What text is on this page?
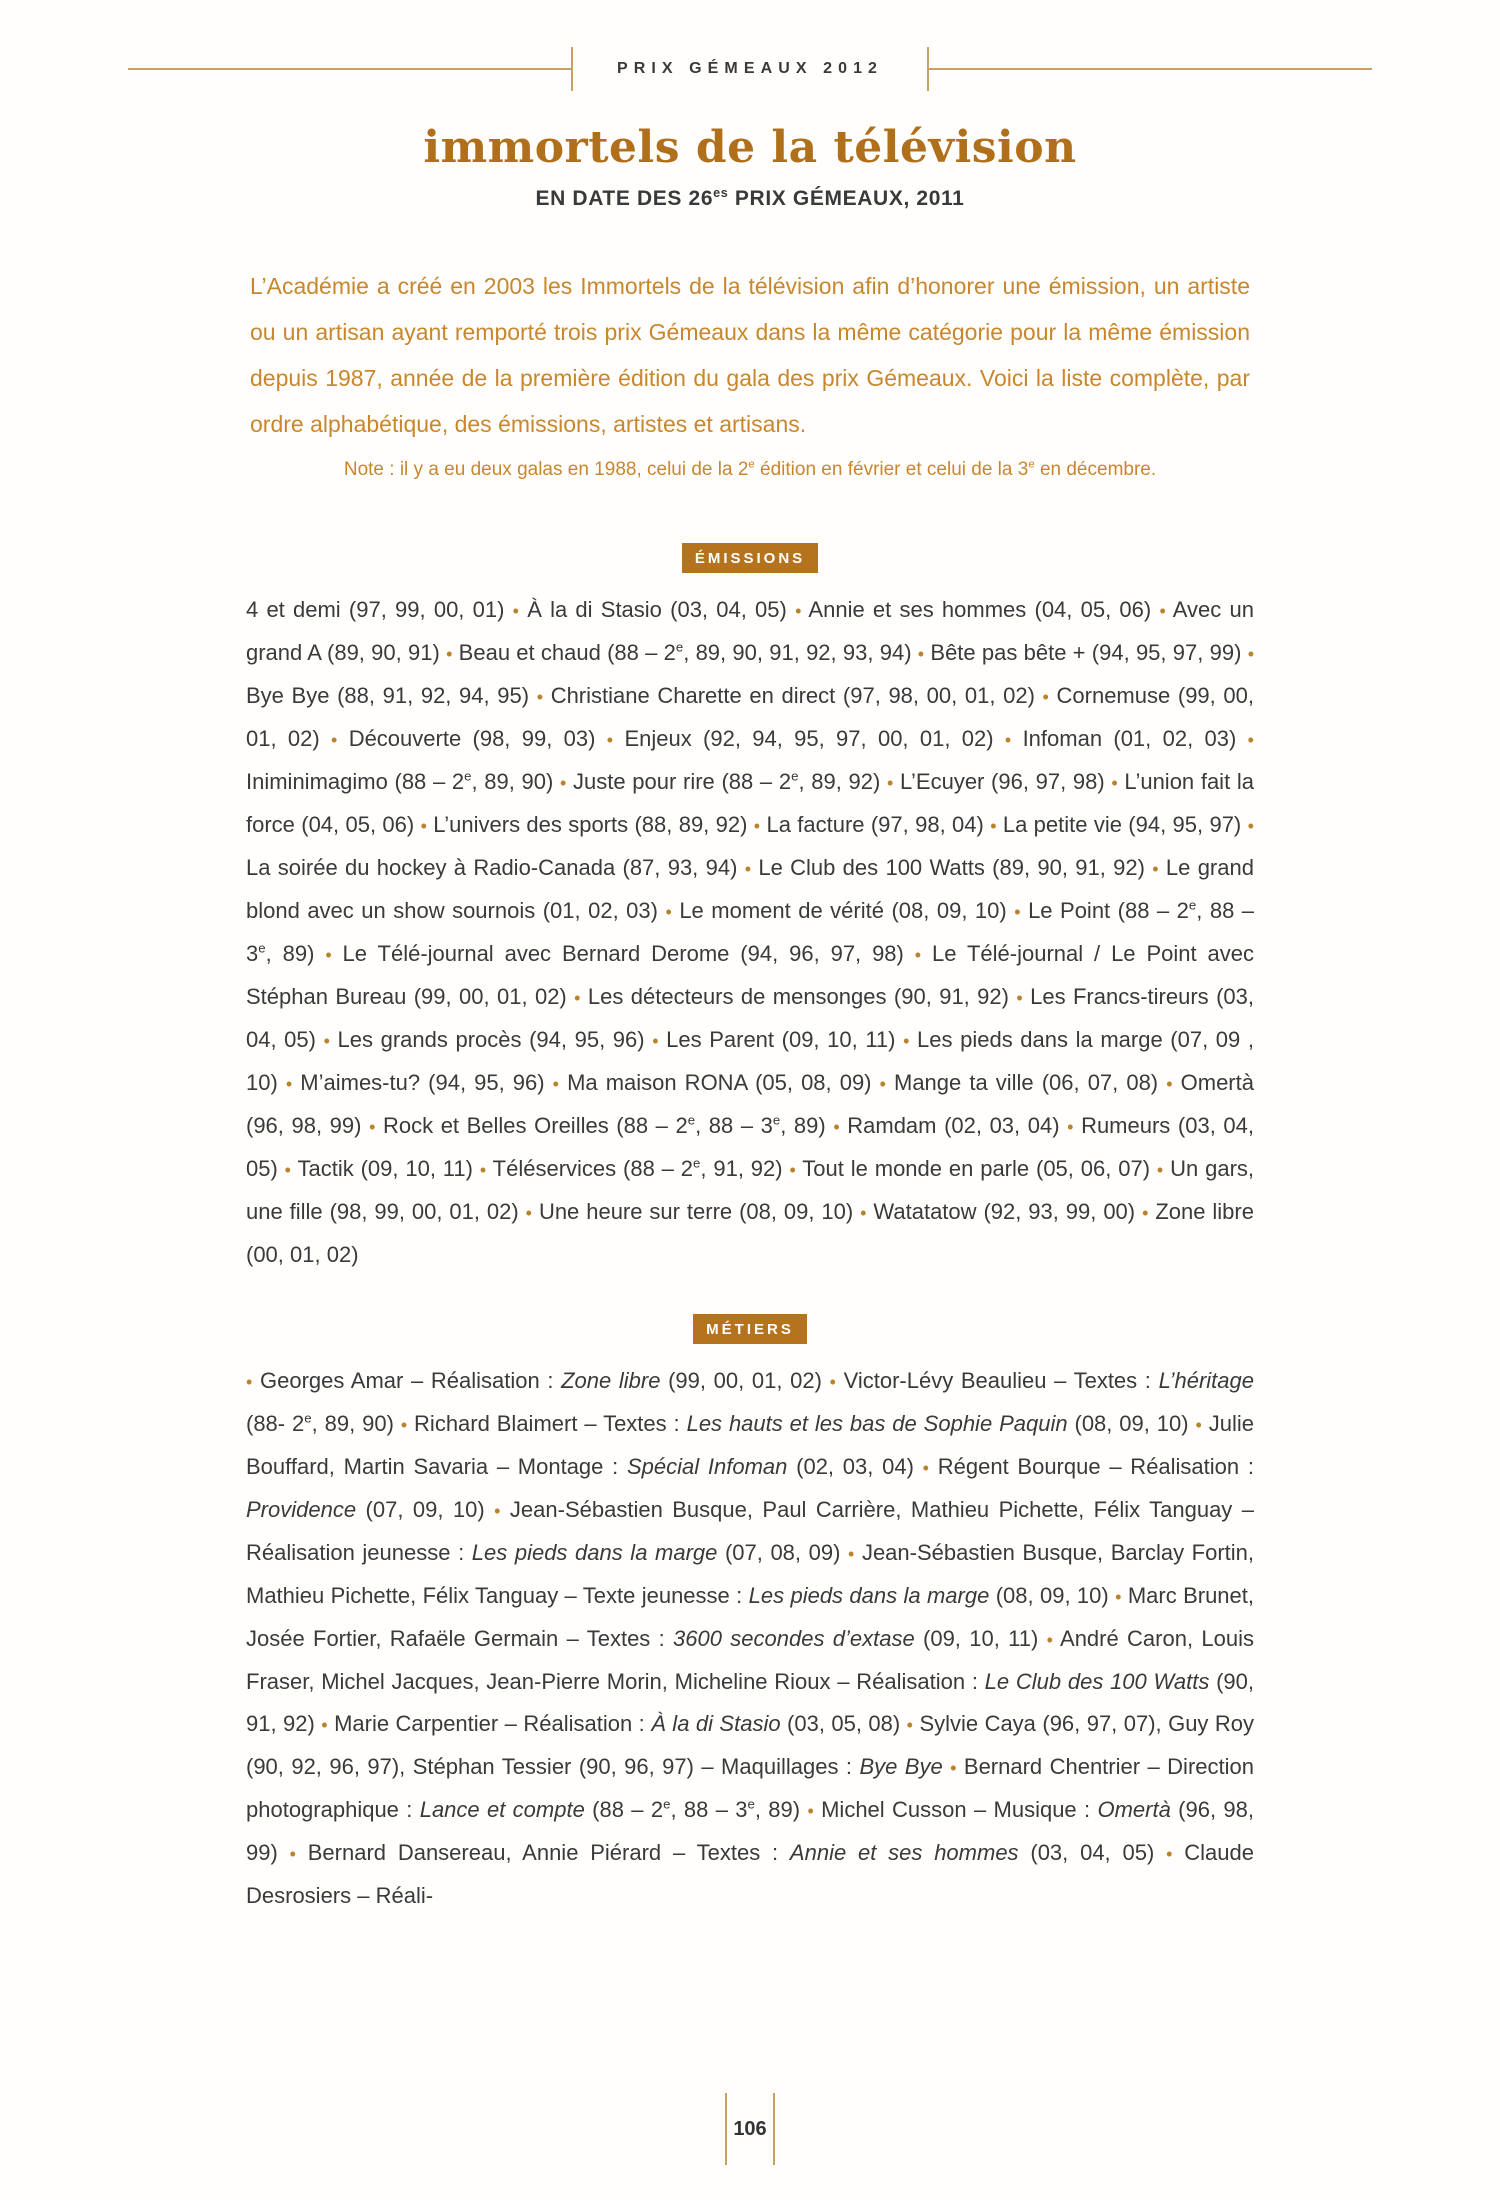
PRIX GÉMEAUX 2012
immortels de la télévision
EN DATE DES $26^{es}$ PRIX GÉMEAUX, 2011

L’Académie a créé en 2003 les Immortels de la télévision afin d’honorer une émission, un artiste ou un artisan ayant remporté trois prix Gémeaux dans la même catégorie pour la même émission depuis 1987, année de la première édition du gala des prix Gémeaux. Voici la liste complète, par ordre alphabétique, des émissions, artistes et artisans.

Note : il y a eu deux galas en 1988, celui de la 2e édition en février et celui de la 3e en décembre.

ÉMISSIONS

4 et demi (97, 99, 00, 01) • À la di Stasio (03, 04, 05) • Annie et ses hommes (04, 05, 06) • Avec un grand A (89, 90, 91) • Beau et chaud (88 – 2e, 89, 90, 91, 92, 93, 94) • Bête pas bête + (94, 95, 97, 99) • Bye Bye (88, 91, 92, 94, 95) • Christiane Charette en direct (97, 98, 00, 01, 02) • Cornemuse (99, 00, 01, 02) • Découverte (98, 99, 03) • Enjeux (92, 94, 95, 97, 00, 01, 02) • Infoman (01, 02, 03) • Iniminimagimo (88 – 2e, 89, 90) • Juste pour rire (88 – 2e, 89, 92) • L’Ecuyer (96, 97, 98) • L’union fait la force (04, 05, 06) • L’univers des sports (88, 89, 92) • La facture (97, 98, 04) • La petite vie (94, 95, 97) • La soirée du hockey à Radio-Canada (87, 93, 94) • Le Club des 100 Watts (89, 90, 91, 92) • Le grand blond avec un show sournois (01, 02, 03) • Le moment de vérité (08, 09, 10) • Le Point (88 – 2e, 88 – 3e, 89) • Le Télé-journal avec Bernard Derome (94, 96, 97, 98) • Le Télé-journal / Le Point avec Stéphan Bureau (99, 00, 01, 02) • Les détecteurs de mensonges (90, 91, 92) • Les Francs-tireurs (03, 04, 05) • Les grands procès (94, 95, 96) • Les Parent (09, 10, 11) • Les pieds dans la marge (07, 09 , 10) • M’aimes-tu? (94, 95, 96) • Ma maison RONA (05, 08, 09) • Mange ta ville (06, 07, 08) • Omertà (96, 98, 99) • Rock et Belles Oreilles (88 – 2e, 88 – 3e, 89) • Ramdam (02, 03, 04) • Rumeurs (03, 04, 05) • Tactik (09, 10, 11) • Téléservices (88 – 2e, 91, 92) • Tout le monde en parle (05, 06, 07) • Un gars, une fille (98, 99, 00, 01, 02) • Une heure sur terre (08, 09, 10) • Watatatow (92, 93, 99, 00) • Zone libre (00, 01, 02)

MÉTIERS

• Georges Amar – Réalisation : Zone libre (99, 00, 01, 02) • Victor-Lévy Beaulieu – Textes : L’héritage (88- 2e, 89, 90) • Richard Blaimert – Textes : Les hauts et les bas de Sophie Paquin (08, 09, 10) • Julie Bouffard, Martin Savaria – Montage : Spécial Infoman (02, 03, 04) • Régent Bourque – Réalisation : Providence (07, 09, 10) • Jean-Sébastien Busque, Paul Carrière, Mathieu Pichette, Félix Tanguay – Réalisation jeunesse : Les pieds dans la marge (07, 08, 09) • Jean-Sébastien Busque, Barclay Fortin, Mathieu Pichette, Félix Tanguay – Texte jeunesse : Les pieds dans la marge (08, 09, 10) • Marc Brunet, Josée Fortier, Rafaële Germain – Textes : 3600 secondes d’extase (09, 10, 11) • André Caron, Louis Fraser, Michel Jacques, Jean-Pierre Morin, Micheline Rioux – Réalisation : Le Club des 100 Watts (90, 91, 92) • Marie Carpentier – Réalisation : À la di Stasio (03, 05, 08) • Sylvie Caya (96, 97, 07), Guy Roy (90, 92, 96, 97), Stéphan Tessier (90, 96, 97) – Maquillages : Bye Bye • Bernard Chentrier – Direction photographique : Lance et compte (88 – 2e, 88 – 3e, 89) • Michel Cusson – Musique : Omertà (96, 98, 99) • Bernard Dansereau, Annie Piérard – Textes : Annie et ses hommes (03, 04, 05) • Claude Desrosiers – Réali-

106
